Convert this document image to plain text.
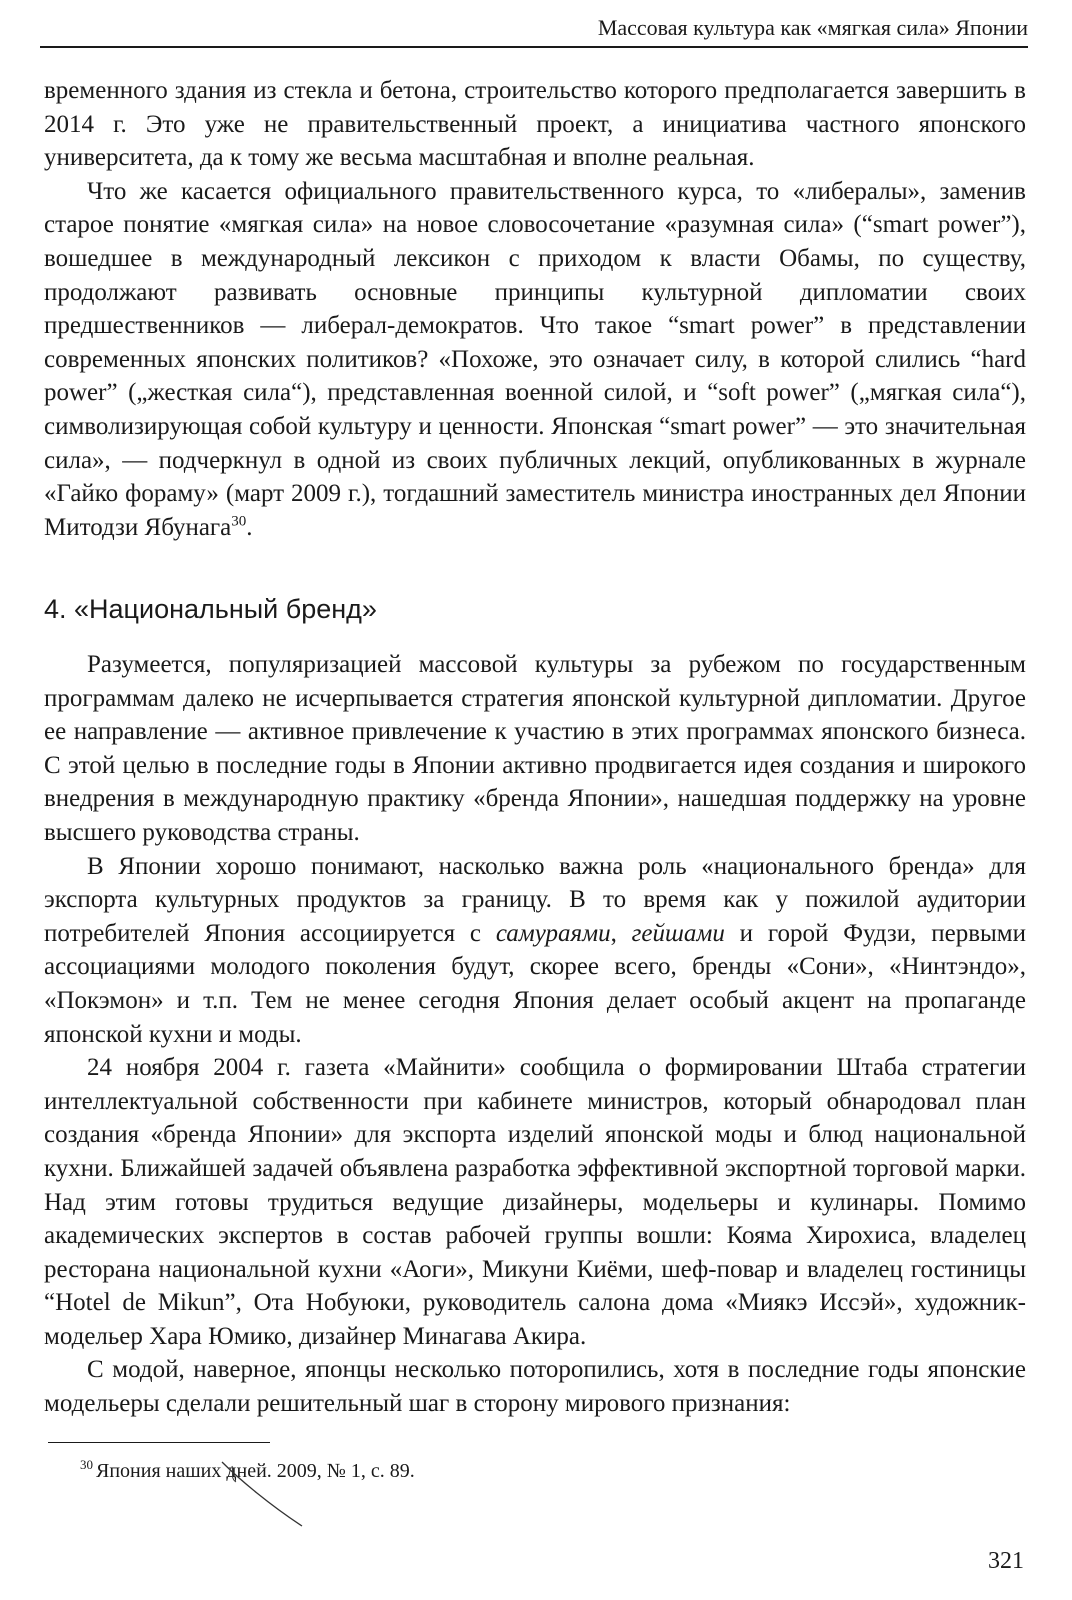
Массовая культура как «мягкая сила» Японии

временного здания из стекла и бетона, строительство которого предполагается завершить в 2014 г. Это уже не правительственный проект, а инициатива частного японского университета, да к тому же весьма масштабная и вполне реальная.

Что же касается официального правительственного курса, то «либералы», заменив старое понятие «мягкая сила» на новое словосочетание «разумная сила» (“smart power”), вошедшее в международный лексикон с приходом к власти Обамы, по существу, продолжают развивать основные принципы культурной дипломатии своих предшественников — либерал-демократов. Что такое “smart power” в представлении современных японских политиков? «Похоже, это означает силу, в которой слились “hard power” („жесткая сила“), представленная военной силой, и “soft power” („мягкая сила“), символизирующая собой культуру и ценности. Японская “smart power” — это значительная сила», — подчеркнул в одной из своих публичных лекций, опубликованных в журнале «Гайко фораму» (март 2009 г.), тогдашний заместитель министра иностранных дел Японии Митодзи Ябунага$^{30}$.

4. «Национальный бренд»

Разумеется, популяризацией массовой культуры за рубежом по государственным программам далеко не исчерпывается стратегия японской культурной дипломатии. Другое ее направление — активное привлечение к участию в этих программах японского бизнеса. С этой целью в последние годы в Японии активно продвигается идея создания и широкого внедрения в международную практику «бренда Японии», нашедшая поддержку на уровне высшего руководства страны.

В Японии хорошо понимают, насколько важна роль «национального бренда» для экспорта культурных продуктов за границу. В то время как у пожилой аудитории потребителей Япония ассоциируется с самураями, гейшами и горой Фудзи, первыми ассоциациями молодого поколения будут, скорее всего, бренды «Сони», «Нинтэндо», «Покэмон» и т.п. Тем не менее сегодня Япония делает особый акцент на пропаганде японской кухни и моды.

24 ноября 2004 г. газета «Майнити» сообщила о формировании Штаба стратегии интеллектуальной собственности при кабинете министров, который обнародовал план создания «бренда Японии» для экспорта изделий японской моды и блюд национальной кухни. Ближайшей задачей объявлена разработка эффективной экспортной торговой марки. Над этим готовы трудиться ведущие дизайнеры, модельеры и кулинары. Помимо академических экспертов в состав рабочей группы вошли: Кояма Хирохиса, владелец ресторана национальной кухни «Аоги», Микуни Киёми, шеф-повар и владелец гостиницы “Hotel de Mikun”, Ота Нобуюки, руководитель салона дома «Миякэ Иссэй», художник-модельер Хара Юмико, дизайнер Минагава Акира.

С модой, наверное, японцы несколько поторопились, хотя в последние годы японские модельеры сделали решительный шаг в сторону мирового признания:

$^{30}$ Япония наших дней. 2009, № 1, с. 89.
321
